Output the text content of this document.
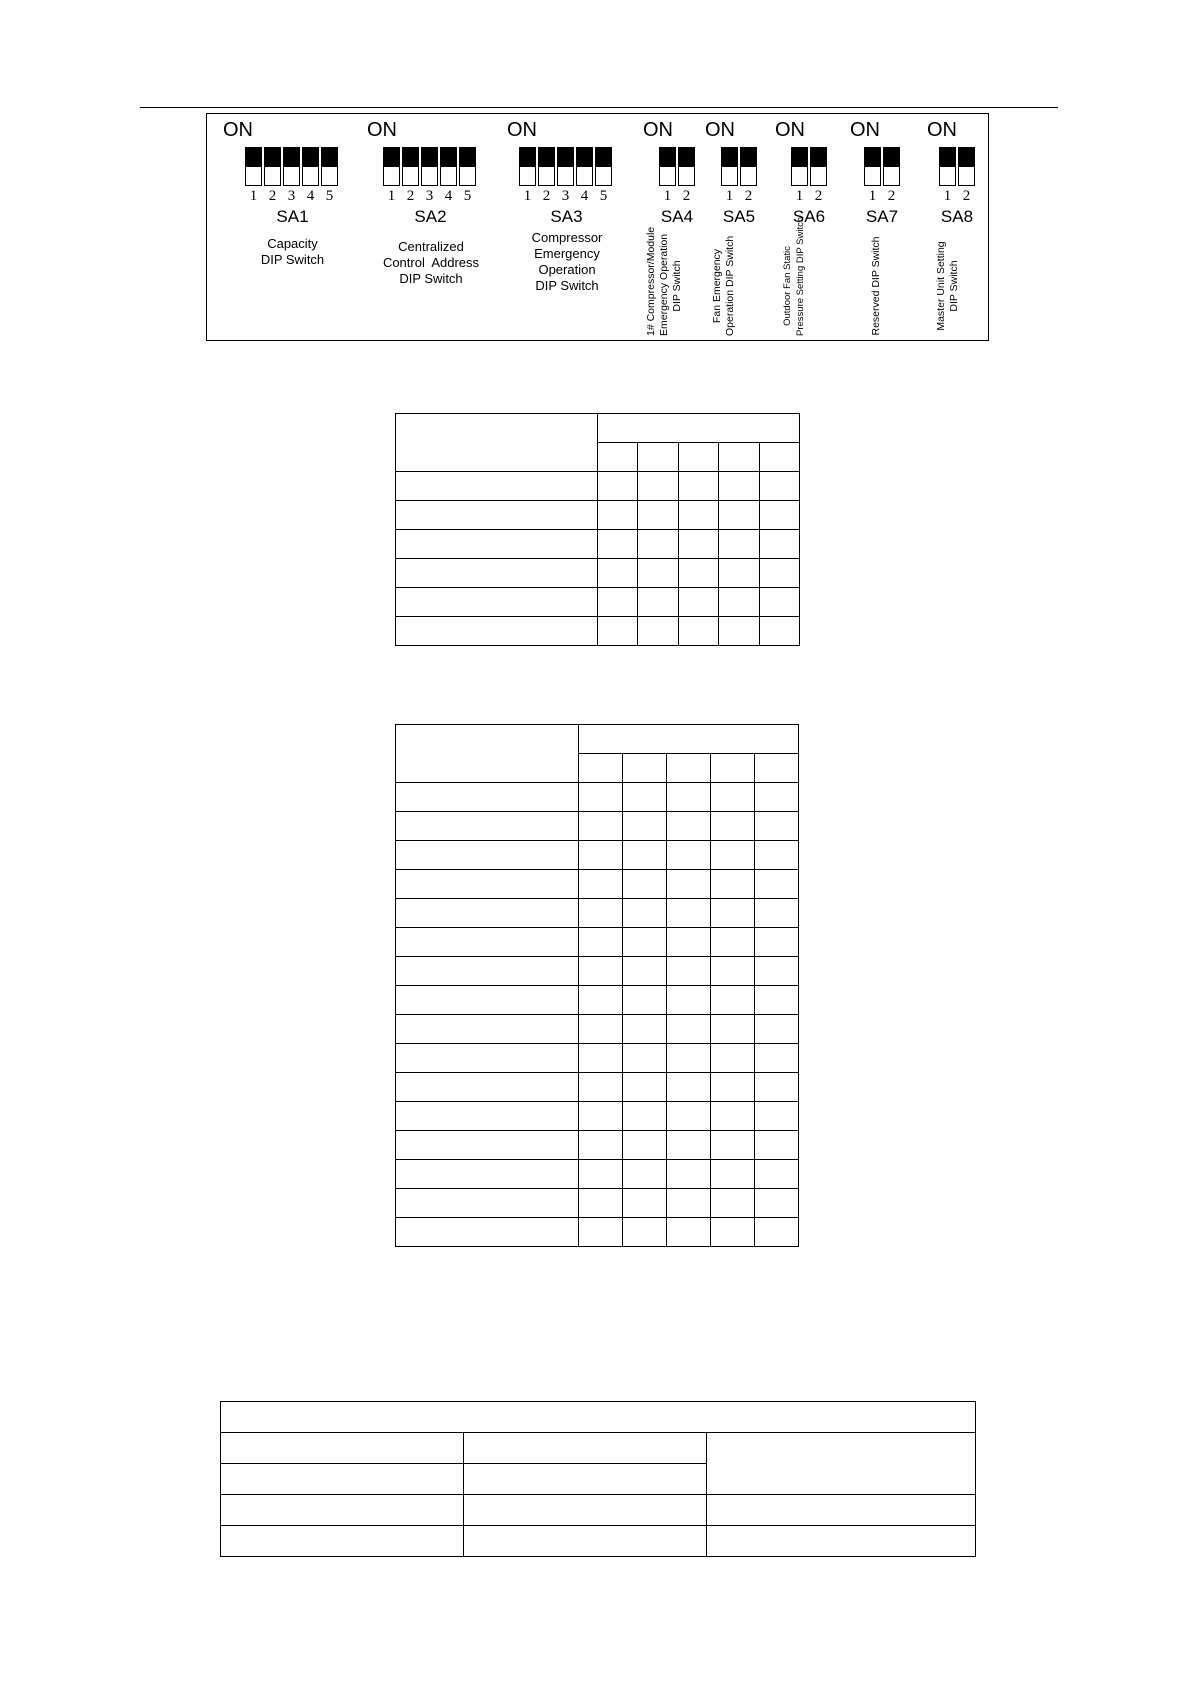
ON
1 2 3 4 5
SA1
Capacity
DIP Switch
ON
1 2 3 4 5
SA2
Centralized
Control  Address
DIP Switch
ON
1 2 3 4 5
SA3
Compressor
Emergency
Operation
DIP Switch
ON
1 2
SA4
1# Compressor/Module Emergency Operation DIP Switch
ON
1 2
SA5
Fan Emergency Operation DIP Switch
ON
1 2
SA6
Outdoor Fan Static Pressure Setting DIP Switch
ON
1 2
SA7
Reserved DIP Switch
ON
1 2
SA8
Master Unit Setting DIP Switch
